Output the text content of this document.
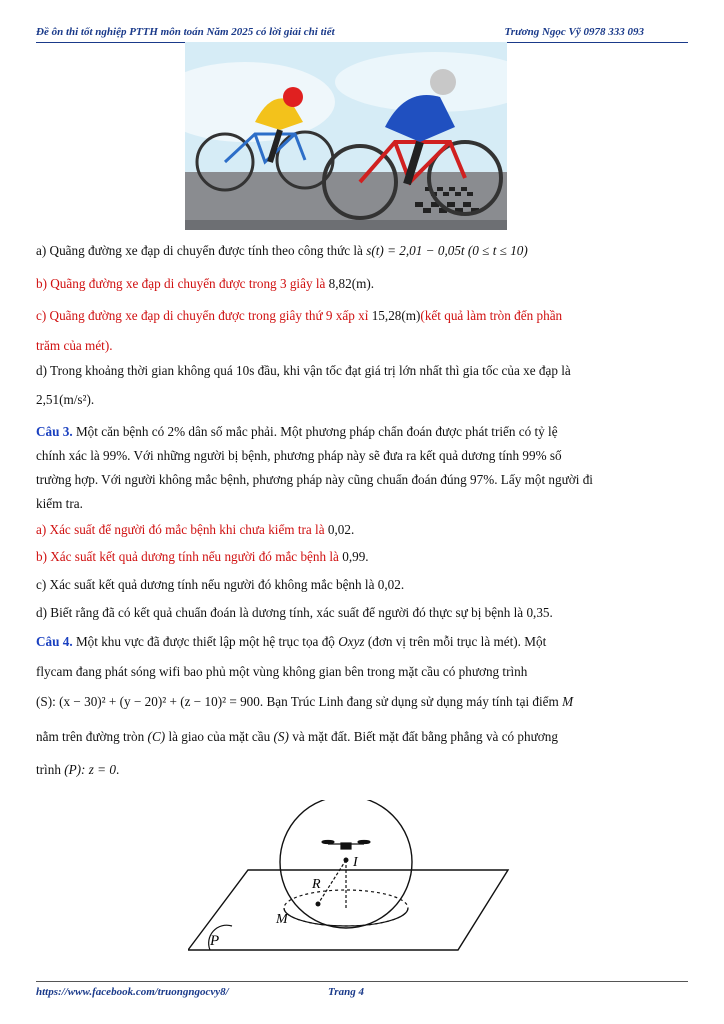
Đề ôn thi tốt nghiệp PTTH môn toán Năm 2025 có lời giải chi tiết	Trương Ngọc Vỹ 0978 333 093
a) Quãng đường xe đạp di chuyển được tính theo công thức là s(t) = 2,01 − 0,05t (0 ≤ t ≤ 10)
b) Quãng đường xe đạp di chuyển được trong 3 giây là 8,82(m).
c) Quãng đường xe đạp di chuyển được trong giây thứ 9 xấp xỉ 15,28(m)(kết quả làm tròn đến phần
trăm của mét).
d) Trong khoảng thời gian không quá 10s đầu, khi vận tốc đạt giá trị lớn nhất thì gia tốc của xe đạp là
2,51(m/s²).
Câu 3. Một căn bệnh có 2% dân số mắc phải. Một phương pháp chẩn đoán được phát triển có tỷ lệ
chính xác là 99%. Với những người bị bệnh, phương pháp này sẽ đưa ra kết quả dương tính 99% số
trường hợp. Với người không mắc bệnh, phương pháp này cũng chuẩn đoán đúng 97%. Lấy một người đi
kiểm tra.
a) Xác suất để người đó mắc bệnh khi chưa kiểm tra là 0,02.
b) Xác suất kết quả dương tính nếu người đó mắc bệnh là 0,99.
c) Xác suất kết quả dương tính nếu người đó không mắc bệnh là 0,02.
d) Biết rằng đã có kết quả chuẩn đoán là dương tính, xác suất để người đó thực sự bị bệnh là 0,35.
Câu 4. Một khu vực đã được thiết lập một hệ trục tọa độ Oxyz (đơn vị trên mỗi trục là mét). Một
flycam đang phát sóng wifi bao phủ một vùng không gian bên trong mặt cầu có phương trình
(S): (x − 30)² + (y − 20)² + (z − 10)² = 900. Bạn Trúc Linh đang sử dụng sử dụng máy tính tại điểm M
nằm trên đường tròn (C) là giao của mặt cầu (S) và mặt đất. Biết mặt đất bằng phẳng và có phương
trình (P): z = 0.
I
R
M
P
https://www.facebook.com/truongngocvy8/	Trang 4
